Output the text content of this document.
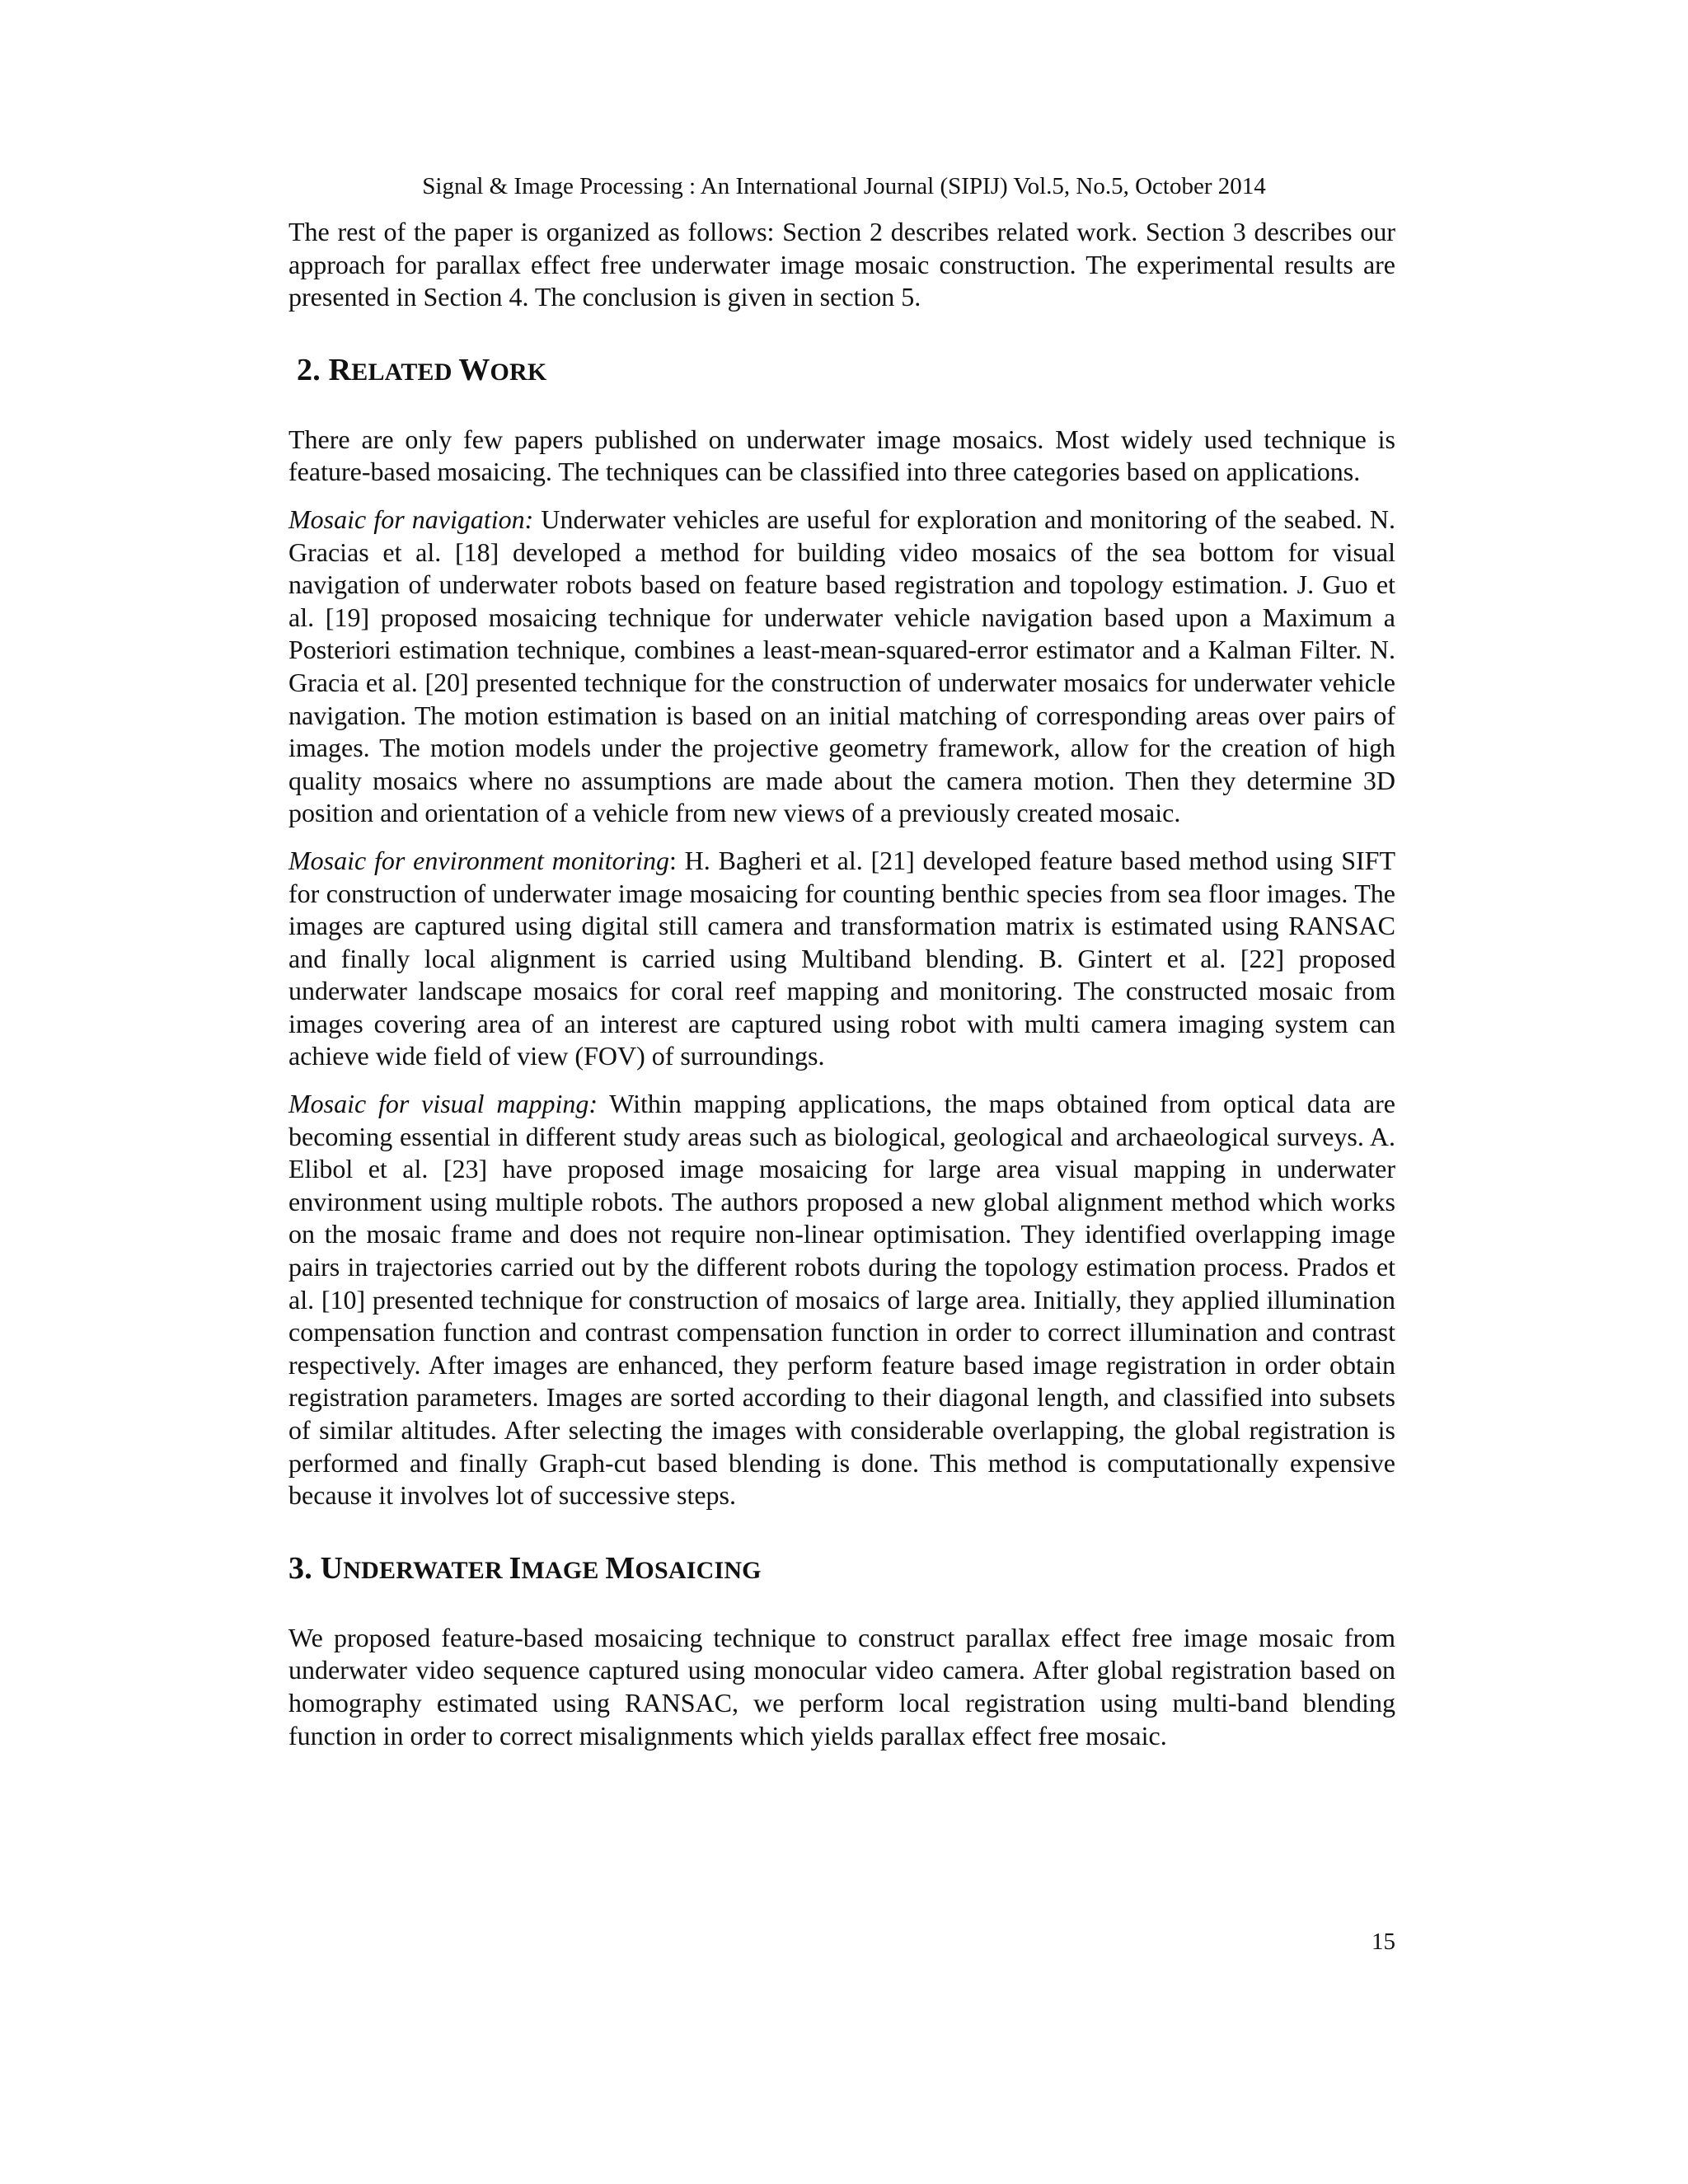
Signal & Image Processing : An International Journal (SIPIJ) Vol.5, No.5, October 2014

The rest of the paper is organized as follows: Section 2 describes related work. Section 3 describes our approach for parallax effect free underwater image mosaic construction. The experimental results are presented in Section 4. The conclusion is given in section 5.

2. RELATED WORK

There are only few papers published on underwater image mosaics. Most widely used technique is feature-based mosaicing. The techniques can be classified into three categories based on applications.

Mosaic for navigation: Underwater vehicles are useful for exploration and monitoring of the seabed. N. Gracias et al. [18] developed a method for building video mosaics of the sea bottom for visual navigation of underwater robots based on feature based registration and topology estimation. J. Guo et al. [19] proposed mosaicing technique for underwater vehicle navigation based upon a Maximum a Posteriori estimation technique, combines a least-mean-squared-error estimator and a Kalman Filter. N. Gracia et al. [20] presented technique for the construction of underwater mosaics for underwater vehicle navigation. The motion estimation is based on an initial matching of corresponding areas over pairs of images. The motion models under the projective geometry framework, allow for the creation of high quality mosaics where no assumptions are made about the camera motion. Then they determine 3D position and orientation of a vehicle from new views of a previously created mosaic.

Mosaic for environment monitoring: H. Bagheri et al. [21] developed feature based method using SIFT for construction of underwater image mosaicing for counting benthic species from sea floor images. The images are captured using digital still camera and transformation matrix is estimated using RANSAC and finally local alignment is carried using Multiband blending. B. Gintert et al. [22] proposed underwater landscape mosaics for coral reef mapping and monitoring. The constructed mosaic from images covering area of an interest are captured using robot with multi camera imaging system can achieve wide field of view (FOV) of surroundings.

Mosaic for visual mapping: Within mapping applications, the maps obtained from optical data are becoming essential in different study areas such as biological, geological and archaeological surveys. A. Elibol et al. [23] have proposed image mosaicing for large area visual mapping in underwater environment using multiple robots. The authors proposed a new global alignment method which works on the mosaic frame and does not require non-linear optimisation. They identified overlapping image pairs in trajectories carried out by the different robots during the topology estimation process. Prados et al. [10] presented technique for construction of mosaics of large area. Initially, they applied illumination compensation function and contrast compensation function in order to correct illumination and contrast respectively. After images are enhanced, they perform feature based image registration in order obtain registration parameters. Images are sorted according to their diagonal length, and classified into subsets of similar altitudes. After selecting the images with considerable overlapping, the global registration is performed and finally Graph-cut based blending is done. This method is computationally expensive because it involves lot of successive steps.

3. UNDERWATER IMAGE MOSAICING

We proposed feature-based mosaicing technique to construct parallax effect free image mosaic from underwater video sequence captured using monocular video camera. After global registration based on homography estimated using RANSAC, we perform local registration using multi-band blending function in order to correct misalignments which yields parallax effect free mosaic.

15
